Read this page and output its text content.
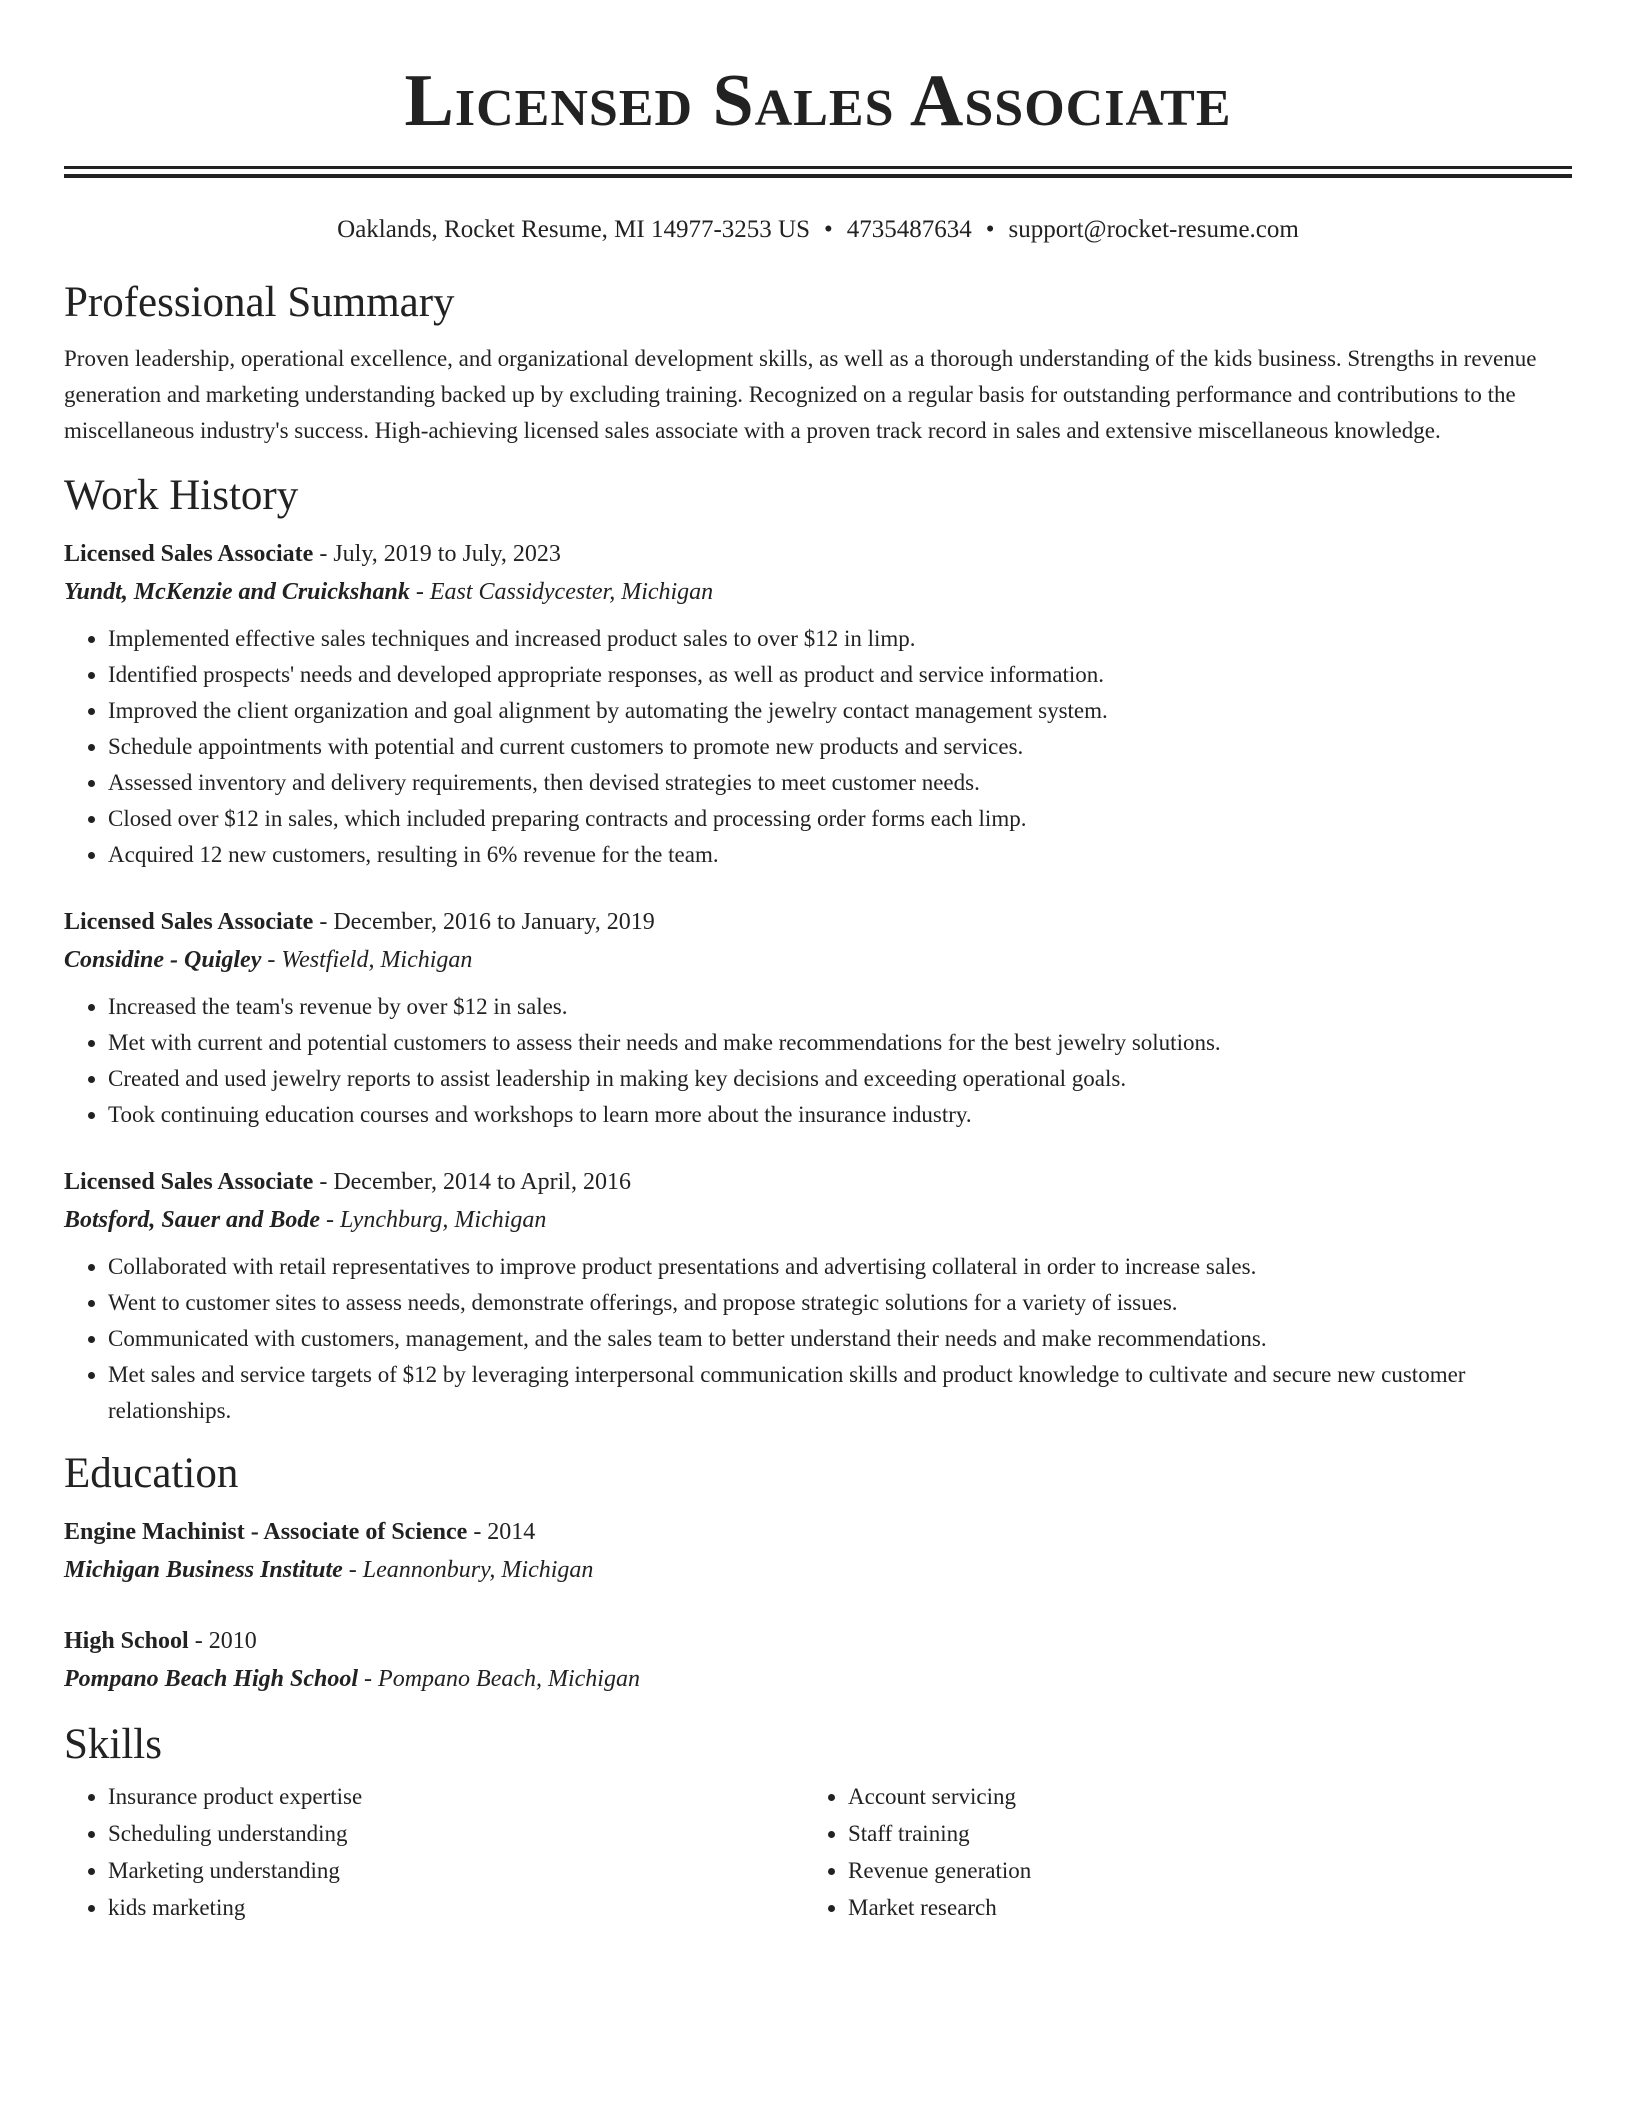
Licensed Sales Associate
Oaklands, Rocket Resume, MI 14977-3253 US • 4735487634 • support@rocket-resume.com
Professional Summary

Proven leadership, operational excellence, and organizational development skills, as well as a thorough understanding of the kids business. Strengths in revenue generation and marketing understanding backed up by excluding training. Recognized on a regular basis for outstanding performance and contributions to the miscellaneous industry's success. High-achieving licensed sales associate with a proven track record in sales and extensive miscellaneous knowledge.

Work History
Licensed Sales Associate - July, 2019 to July, 2023
Yundt, McKenzie and Cruickshank - East Cassidycester, Michigan
• Implemented effective sales techniques and increased product sales to over $12 in limp.
• Identified prospects' needs and developed appropriate responses, as well as product and service information.
• Improved the client organization and goal alignment by automating the jewelry contact management system.
• Schedule appointments with potential and current customers to promote new products and services.
• Assessed inventory and delivery requirements, then devised strategies to meet customer needs.
• Closed over $12 in sales, which included preparing contracts and processing order forms each limp.
• Acquired 12 new customers, resulting in 6% revenue for the team.
Licensed Sales Associate - December, 2016 to January, 2019
Considine - Quigley - Westfield, Michigan
• Increased the team's revenue by over $12 in sales.
• Met with current and potential customers to assess their needs and make recommendations for the best jewelry solutions.
• Created and used jewelry reports to assist leadership in making key decisions and exceeding operational goals.
• Took continuing education courses and workshops to learn more about the insurance industry.
Licensed Sales Associate - December, 2014 to April, 2016
Botsford, Sauer and Bode - Lynchburg, Michigan
• Collaborated with retail representatives to improve product presentations and advertising collateral in order to increase sales.
• Went to customer sites to assess needs, demonstrate offerings, and propose strategic solutions for a variety of issues.
• Communicated with customers, management, and the sales team to better understand their needs and make recommendations.
• Met sales and service targets of $12 by leveraging interpersonal communication skills and product knowledge to cultivate and secure new customer relationships.
Education
Engine Machinist - Associate of Science - 2014
Michigan Business Institute - Leannonbury, Michigan
High School - 2010
Pompano Beach High School - Pompano Beach, Michigan
Skills
• Insurance product expertise
• Scheduling understanding
• Marketing understanding
• kids marketing
• Account servicing
• Staff training
• Revenue generation
• Market research
